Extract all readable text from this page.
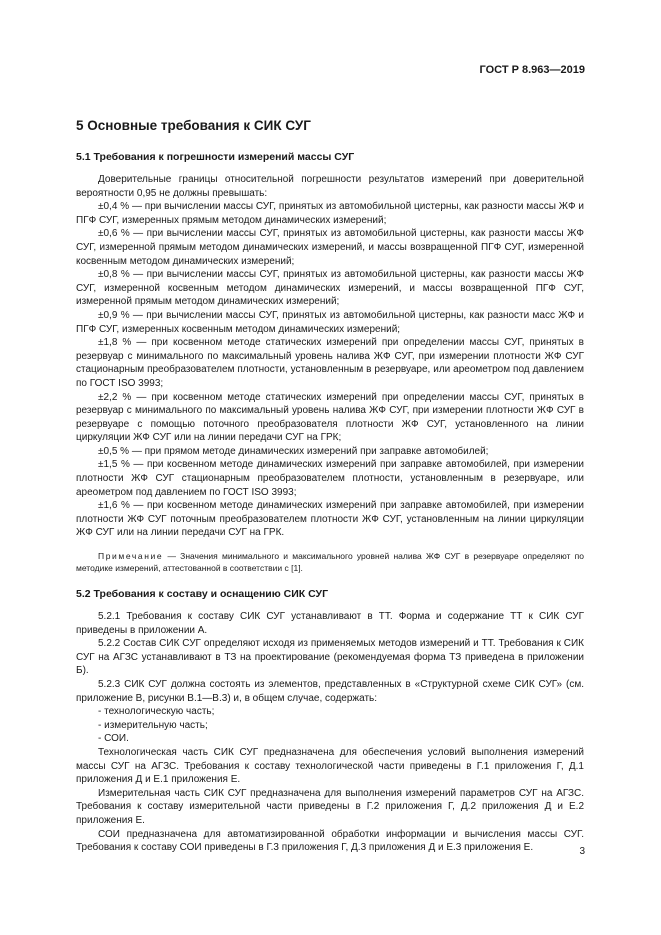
ГОСТ Р 8.963—2019
5 Основные требования к СИК СУГ
5.1 Требования к погрешности измерений массы СУГ

Доверительные границы относительной погрешности результатов измерений при доверительной вероятности 0,95 не должны превышать:

±0,4 % — при вычислении массы СУГ, принятых из автомобильной цистерны, как разности массы ЖФ и ПГФ СУГ, измеренных прямым методом динамических измерений;

±0,6 % — при вычислении массы СУГ, принятых из автомобильной цистерны, как разности массы ЖФ СУГ, измеренной прямым методом динамических измерений, и массы возвращенной ПГФ СУГ, измеренной косвенным методом динамических измерений;

±0,8 % — при вычислении массы СУГ, принятых из автомобильной цистерны, как разности массы ЖФ СУГ, измеренной косвенным методом динамических измерений, и массы возвращенной ПГФ СУГ, измеренной прямым методом динамических измерений;

±0,9 % — при вычислении массы СУГ, принятых из автомобильной цистерны, как разности масс ЖФ и ПГФ СУГ, измеренных косвенным методом динамических измерений;

±1,8 % — при косвенном методе статических измерений при определении массы СУГ, принятых в резервуар с минимального по максимальный уровень налива ЖФ СУГ, при измерении плотности ЖФ СУГ стационарным преобразователем плотности, установленным в резервуаре, или ареометром под давлением по ГОСТ ISO 3993;

±2,2 % — при косвенном методе статических измерений при определении массы СУГ, принятых в резервуар с минимального по максимальный уровень налива ЖФ СУГ, при измерении плотности ЖФ СУГ в резервуаре с помощью поточного преобразователя плотности ЖФ СУГ, установленного на линии циркуляции ЖФ СУГ или на линии передачи СУГ на ГРК;

±0,5 % — при прямом методе динамических измерений при заправке автомобилей;

±1,5 % — при косвенном методе динамических измерений при заправке автомобилей, при измерении плотности ЖФ СУГ стационарным преобразователем плотности, установленным в резервуаре, или ареометром под давлением по ГОСТ ISO 3993;

±1,6 % — при косвенном методе динамических измерений при заправке автомобилей, при измерении плотности ЖФ СУГ поточным преобразователем плотности ЖФ СУГ, установленным на линии циркуляции ЖФ СУГ или на линии передачи СУГ на ГРК.

Примечание — Значения минимального и максимального уровней налива ЖФ СУГ в резервуаре определяют по методике измерений, аттестованной в соответствии с [1].

5.2 Требования к составу и оснащению СИК СУГ

5.2.1 Требования к составу СИК СУГ устанавливают в ТТ. Форма и содержание ТТ к СИК СУГ приведены в приложении А.

5.2.2 Состав СИК СУГ определяют исходя из применяемых методов измерений и ТТ. Требования к СИК СУГ на АГЗС устанавливают в ТЗ на проектирование (рекомендуемая форма ТЗ приведена в приложении Б).

5.2.3 СИК СУГ должна состоять из элементов, представленных в «Структурной схеме СИК СУГ» (см. приложение В, рисунки В.1—В.3) и, в общем случае, содержать:

- технологическую часть;

- измерительную часть;

- СОИ.

Технологическая часть СИК СУГ предназначена для обеспечения условий выполнения измерений массы СУГ на АГЗС. Требования к составу технологической части приведены в Г.1 приложения Г, Д.1 приложения Д и Е.1 приложения Е.

Измерительная часть СИК СУГ предназначена для выполнения измерений параметров СУГ на АГЗС. Требования к составу измерительной части приведены в Г.2 приложения Г, Д.2 приложения Д и Е.2 приложения Е.

СОИ предназначена для автоматизированной обработки информации и вычисления массы СУГ. Требования к составу СОИ приведены в Г.3 приложения Г, Д.3 приложения Д и Е.3 приложения Е.	3
